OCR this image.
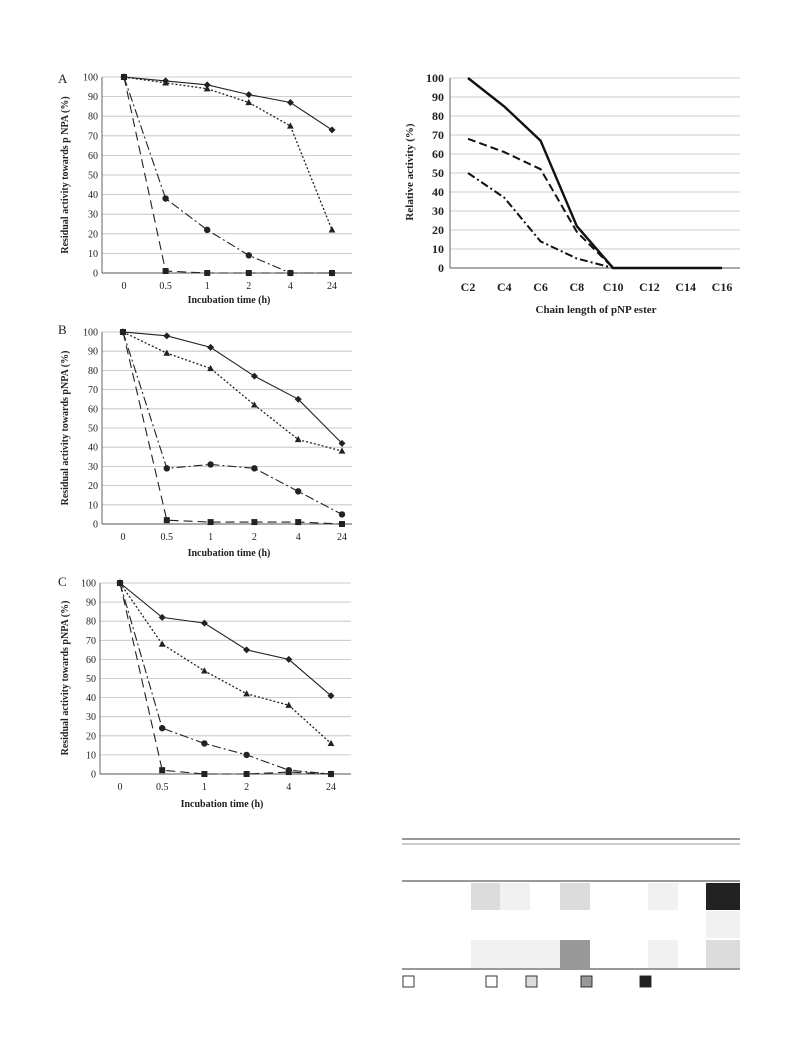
A
Residual activity towards p NPA (%)
Incubation time (h)
0
10
20
30
40
50
60
70
80
90
100
0	0.5	1	2	4	24
B
Residual activity towards pNPA (%)
Incubation time (h)
0
10
20
30
40
50
60
70
80
90
100
0	0.5	1	2	4	24
C
Residual activity towards pNPA (%)
Incubation time (h)
0
10
20
30
40
50
60
70
80
90
100
0	0.5	1	2	4	24
Relative activity (%)
Chain length of pNP ester
0
10
20
30
40
50
60
70
80
90
100
C2 C4 C6 C8 C10 C12 C14 C16
